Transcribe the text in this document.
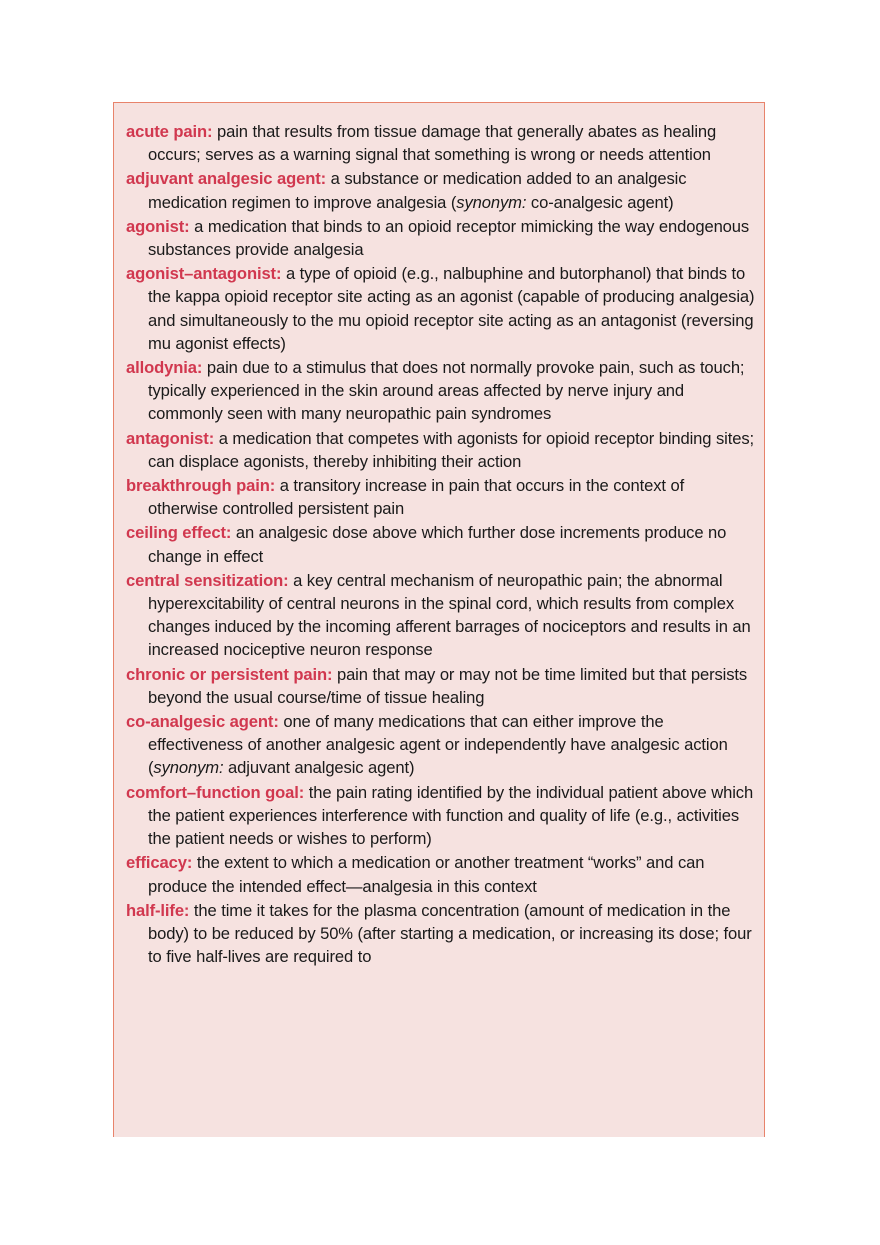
acute pain: pain that results from tissue damage that generally abates as healing occurs; serves as a warning signal that something is wrong or needs attention

adjuvant analgesic agent: a substance or medication added to an analgesic medication regimen to improve analgesia (synonym: co-analgesic agent)

agonist: a medication that binds to an opioid receptor mimicking the way endogenous substances provide analgesia

agonist–antagonist: a type of opioid (e.g., nalbuphine and butorphanol) that binds to the kappa opioid receptor site acting as an agonist (capable of producing analgesia) and simultaneously to the mu opioid receptor site acting as an antagonist (reversing mu agonist effects)

allodynia: pain due to a stimulus that does not normally provoke pain, such as touch; typically experienced in the skin around areas affected by nerve injury and commonly seen with many neuropathic pain syndromes

antagonist: a medication that competes with agonists for opioid receptor binding sites; can displace agonists, thereby inhibiting their action

breakthrough pain: a transitory increase in pain that occurs in the context of otherwise controlled persistent pain

ceiling effect: an analgesic dose above which further dose increments produce no change in effect

central sensitization: a key central mechanism of neuropathic pain; the abnormal hyperexcitability of central neurons in the spinal cord, which results from complex changes induced by the incoming afferent barrages of nociceptors and results in an increased nociceptive neuron response

chronic or persistent pain: pain that may or may not be time limited but that persists beyond the usual course/time of tissue healing

co-analgesic agent: one of many medications that can either improve the effectiveness of another analgesic agent or independently have analgesic action (synonym: adjuvant analgesic agent)

comfort–function goal: the pain rating identified by the individual patient above which the patient experiences interference with function and quality of life (e.g., activities the patient needs or wishes to perform)

efficacy: the extent to which a medication or another treatment “works” and can produce the intended effect—analgesia in this context

half-life: the time it takes for the plasma concentration (amount of medication in the body) to be reduced by 50% (after starting a medication, or increasing its dose; four to five half-lives are required to
